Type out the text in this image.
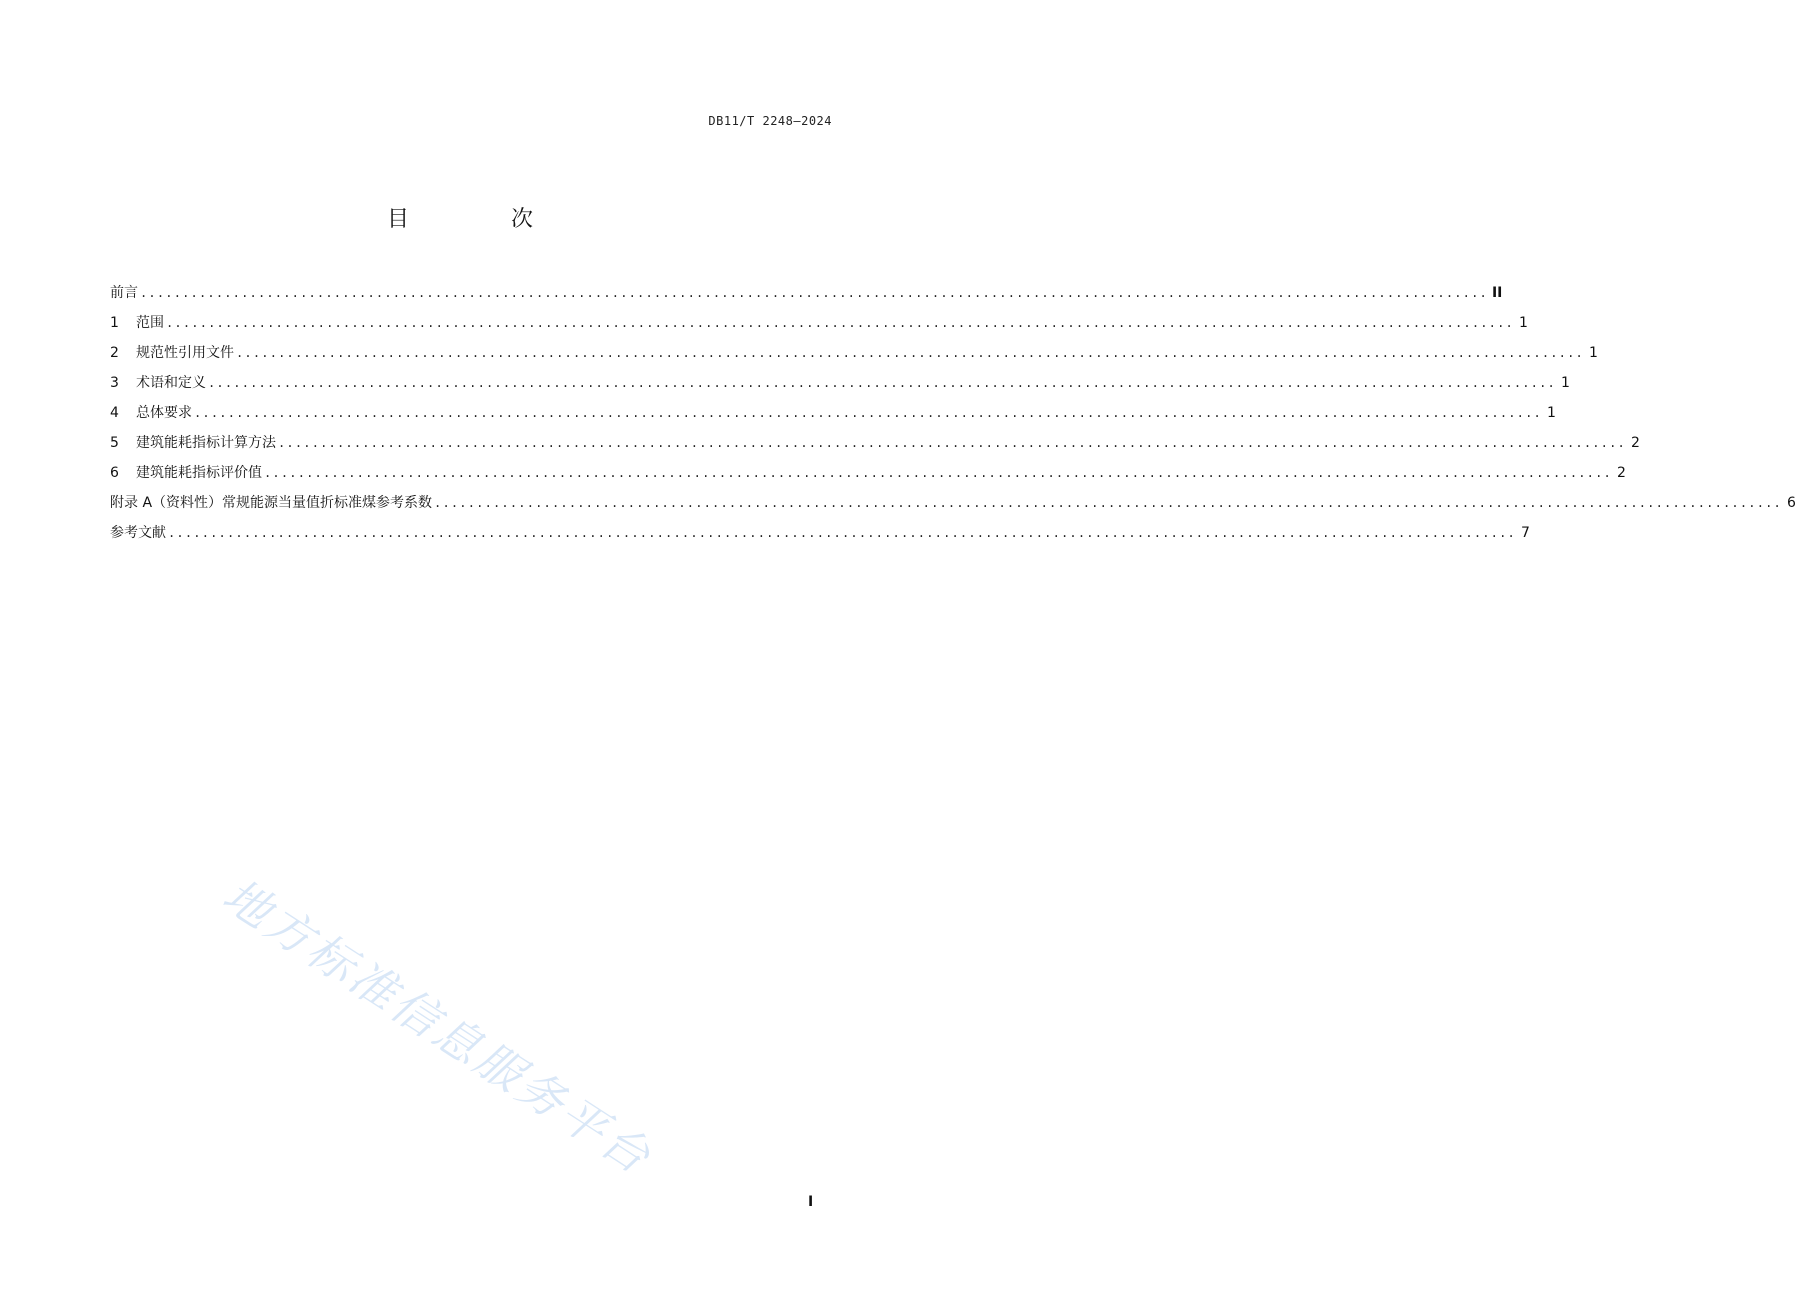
DB11/T 2248—2024
目　次
前言 ................................................................................................................................................................ II
1	范围 ................................................................................................................................................................ 1
2	规范性引用文件 ................................................................................................................................................................ 1
3	术语和定义 ................................................................................................................................................................ 1
4	总体要求 ................................................................................................................................................................ 1
5	建筑能耗指标计算方法 ................................................................................................................................................................ 2
6	建筑能耗指标评价值 ................................................................................................................................................................ 2
附录 A（资料性）常规能源当量值折标准煤参考系数 ................................................................................................................................................................ 6
参考文献 ................................................................................................................................................................ 7
地方标准信息服务平台
I
